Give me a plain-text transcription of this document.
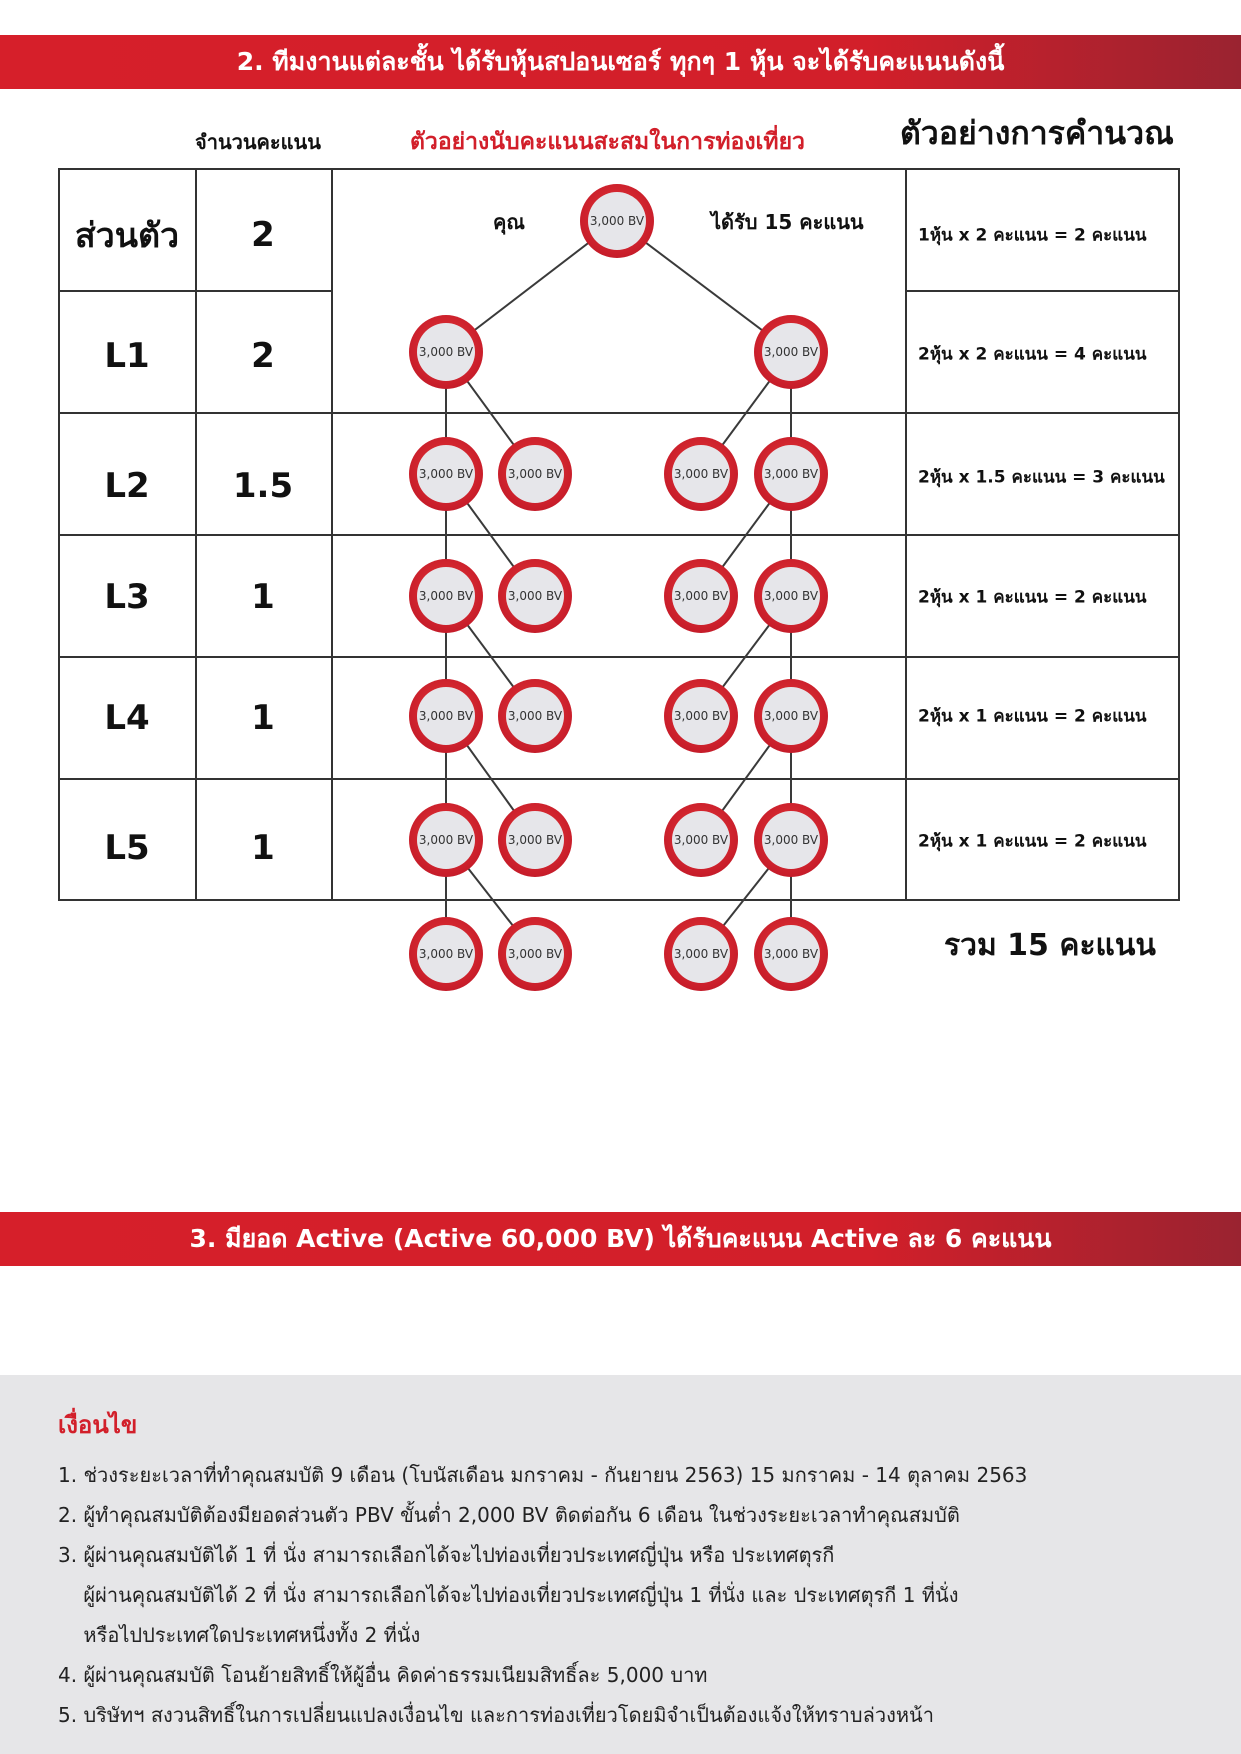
2. ทีมงานแต่ละชั้น ได้รับหุ้นสปอนเซอร์ ทุกๆ 1 หุ้น จะได้รับคะแนนดังนี้
จำนวนคะแนน	ตัวอย่างนับคะแนนสะสมในการท่องเที่ยว	ตัวอย่างการคำนวณ
ส่วนตัว 2	1หุ้น x 2 คะแนน = 2 คะแนน
L1	2	2หุ้น x 2 คะแนน = 4 คะแนน
L2 1.5	2หุ้น x 1.5 คะแนน = 3 คะแนน
L3	1	2หุ้น x 1 คะแนน = 2 คะแนน
L4	1	2หุ้น x 1 คะแนน = 2 คะแนน
L5	1	2หุ้น x 1 คะแนน = 2 คะแนน
คุณ	ได้รับ 15 คะแนน
3,000 BV
3,000 BV	3,000 BV
3,000 BV	3,000 BV	3,000 BV	3,000 BV
3,000 BV	3,000 BV	3,000 BV	3,000 BV
3,000 BV	3,000 BV	3,000 BV	3,000 BV
3,000 BV	3,000 BV	3,000 BV	3,000 BV
3,000 BV	3,000 BV	3,000 BV	3,000 BV	รวม 15 คะแนน
3. มียอด Active (Active 60,000 BV) ได้รับคะแนน Active ละ 6 คะแนน
เงื่อนไข
1. ช่วงระยะเวลาที่ทำคุณสมบัติ 9 เดือน (โบนัสเดือน มกราคม - กันยายน 2563) 15 มกราคม - 14 ตุลาคม 2563
2. ผู้ทำคุณสมบัติต้องมียอดส่วนตัว PBV ขั้นต่ำ 2,000 BV ติดต่อกัน 6 เดือน ในช่วงระยะเวลาทำคุณสมบัติ
3. ผู้ผ่านคุณสมบัติได้ 1 ที่ นั่ง สามารถเลือกได้จะไปท่องเที่ยวประเทศญี่ปุ่น หรือ ประเทศตุรกี
ผู้ผ่านคุณสมบัติได้ 2 ที่ นั่ง สามารถเลือกได้จะไปท่องเที่ยวประเทศญี่ปุ่น 1 ที่นั่ง และ ประเทศตุรกี 1 ที่นั่ง
หรือไปประเทศใดประเทศหนึ่งทั้ง 2 ที่นั่ง
4. ผู้ผ่านคุณสมบัติ โอนย้ายสิทธิ์ให้ผู้อื่น คิดค่าธรรมเนียมสิทธิ์ละ 5,000 บาท
5. บริษัทฯ สงวนสิทธิ์ในการเปลี่ยนแปลงเงื่อนไข และการท่องเที่ยวโดยมิจำเป็นต้องแจ้งให้ทราบล่วงหน้า
